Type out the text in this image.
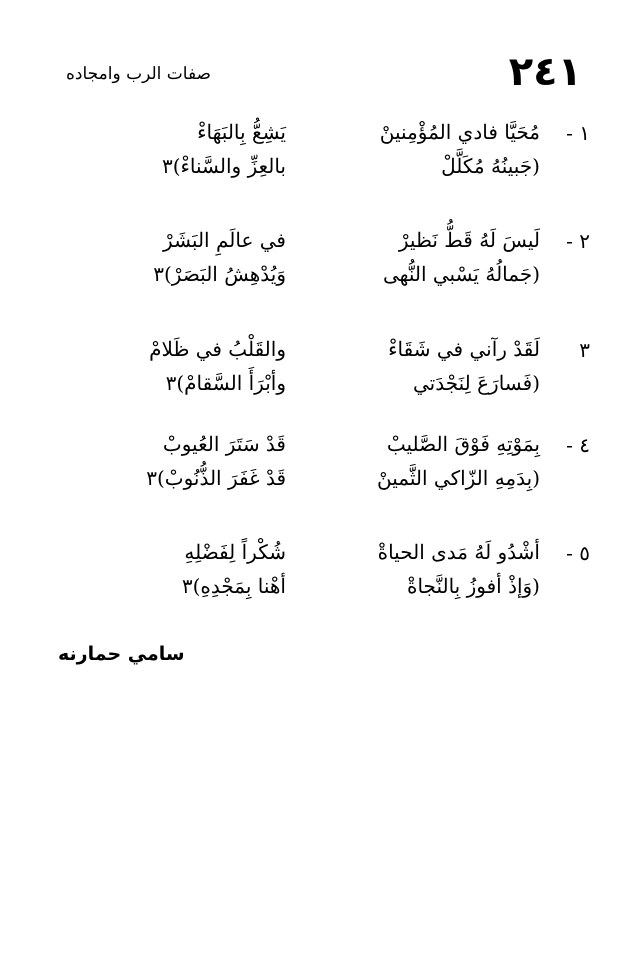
٢٤١
صفات الرب وامجاده
١ -
مُحَيَّا فادي المُؤْمِنينْ
يَشِعُّ بِالبَهَاءْ
(جَبينُهُ مُكَلَّلْ
بالعِزِّ والسَّناءْ)٣
٢ -
لَيسَ لَهُ قَطُّ نَظيرْ
في عالَمِ البَشَرْ
(جَمالُهُ يَسْبي النُّهى
وَيُدْهِشُ البَصَرْ)٣
٣
لَقَدْ رآني في شَقَاءْ
والقَلْبُ في ظَلامْ
(فَسارَعَ لِنَجْدَتي
وأبْرَأَ السَّقامْ)٣
٤ -
بِمَوْتِهِ فَوْقَ الصَّليبْ
قَدْ سَتَرَ العُيوبْ
(بِدَمِهِ الزّاكي الثَّمينْ
قَدْ غَفَرَ الذُّنُوبْ)٣
٥ -
أشْدُو لَهُ مَدى الحياةْ
شُكْراً لِفَضْلِهِ
(وَإذْ أفوزُ بِالنَّجاةْ
أهْنا بِمَجْدِهِ)٣
سامي حمارنه
